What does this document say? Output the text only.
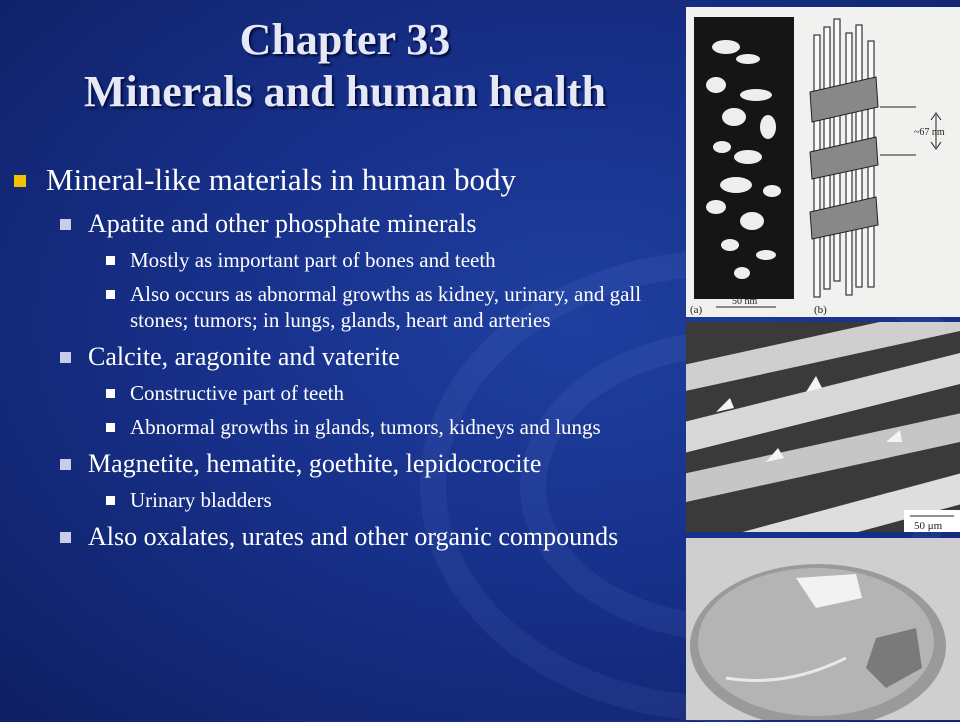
Chapter 33
Minerals and human health
Mineral-like materials in human body
Apatite and other phosphate minerals
Mostly as important part of bones and teeth
Also occurs as abnormal growths as kidney, urinary, and gall stones; tumors; in lungs, glands, heart and arteries
Calcite, aragonite and vaterite
Constructive part of teeth
Abnormal growths in glands, tumors, kidneys and lungs
Magnetite, hematite, goethite, lepidocrocite
Urinary bladders
Also oxalates, urates and other organic compounds
(a)	(b)
50 nm
~67 nm
50 μm
